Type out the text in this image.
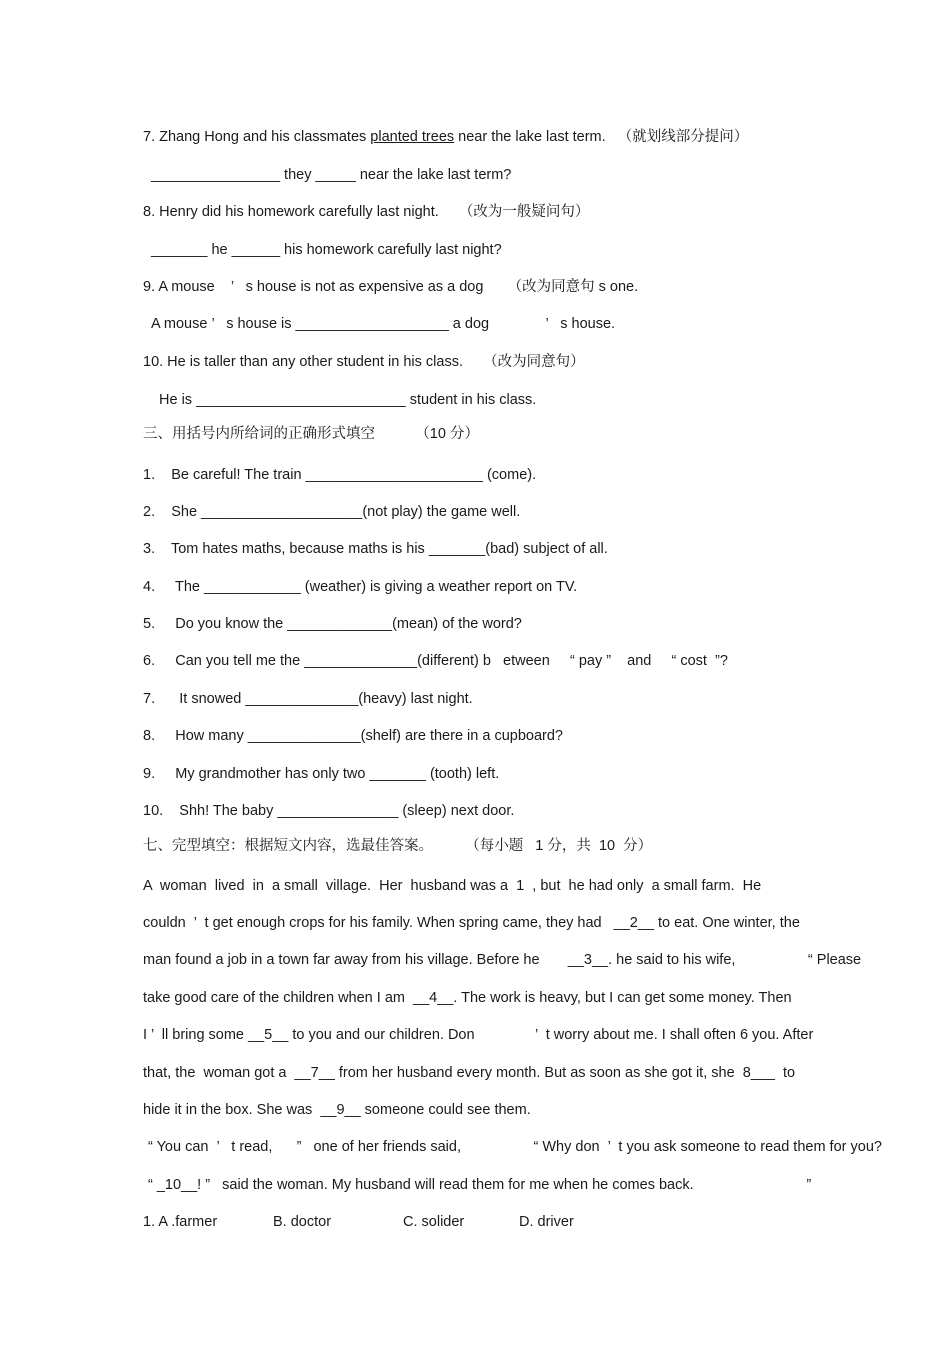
7. Zhang Hong and his classmates planted trees near the lake last term.   （就划线部分提问）
________________ they _____ near the lake last term?
8. Henry did his homework carefully last night.     （改为一般疑问句）
_______ he ______ his homework carefully last night?
9. A mouse    ’   s house is not as expensive as a dog      （改为同意句 s one.
A mouse ’   s house is ___________________ a dog              ’   s house.
10. He is taller than any other student in his class.     （改为同意句）
He is __________________________ student in his class.
三、用括号内所给词的正确形式填空          （10 分）
1.    Be careful! The train ______________________ (come).
2.    She ____________________(not play) the game well.
3.    Tom hates maths, because maths is his _______(bad) subject of all.
4.     The ____________ (weather) is giving a weather report on TV.
5.     Do you know the _____________(mean) of the word?
6.     Can you tell me the ______________(different) b   etween     “ pay ”    and     “ cost  ”?
7.      It snowed ______________(heavy) last night.
8.     How many ______________(shelf) are there in a cupboard?
9.     My grandmother has only two _______ (tooth) left.
10.    Shh! The baby _______________ (sleep) next door.
七、完型填空：根据短文内容，选最佳答案。        （每小题   1 分，共  10  分）
A  woman  lived  in  a small  village.  Her  husband was a  1  , but  he had only  a small farm.  He
couldn  ’  t get enough crops for his family. When spring came, they had   __2__ to eat. One winter, the
man found a job in a town far away from his village. Before he       __3__. he said to his wife,                  “ Please
take good care of the children when I am  __4__. The work is heavy, but I can get some money. Then
I ’  ll bring some __5__ to you and our children. Don               ’  t worry about me. I shall often 6 you. After
that, the  woman got a  __7__ from her husband every month. But as soon as she got it, she  8___  to
hide it in the box. She was  __9__ someone could see them.
“ You can  ’   t read,      ”   one of her friends said,                  “ Why don  ’  t you ask someone to read them for you?
“ _10__! ”   said the woman. My husband will read them for me when he comes back.                            ”
1. A .farmer	B. doctor	C. solider	D. driver
